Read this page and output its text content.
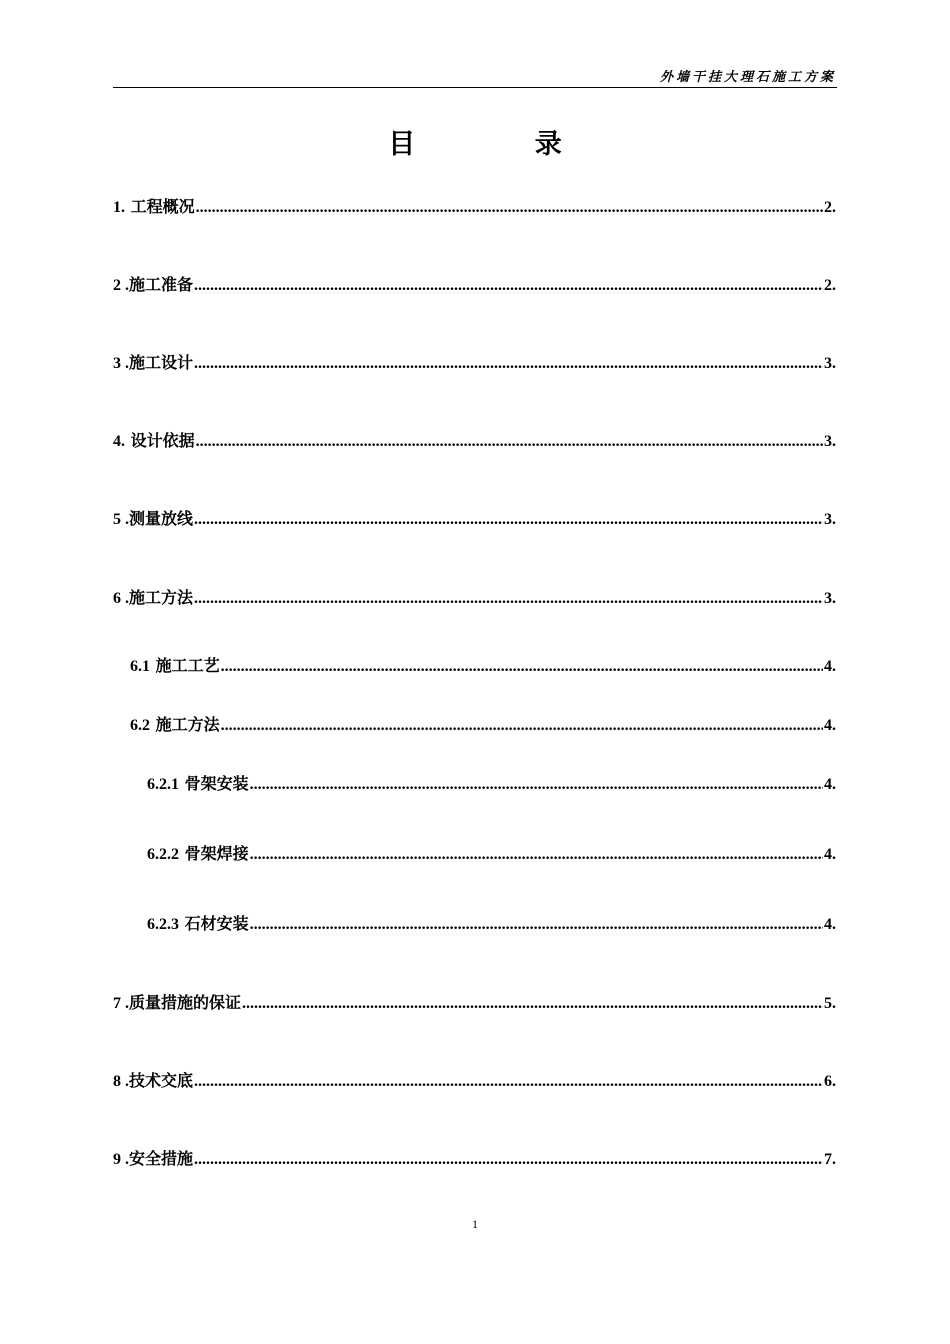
外墙干挂大理石施工方案
目 录
1. 工程概况 .....	2.
2 .施工准备 .....	2.
3 .施工设计 .....	3.
4. 设计依据 .....	3.
5 .测量放线 .....	3.
6 .施工方法 .....	3.
6.1 施工工艺 .....	4.
6.2 施工方法 .....	4.
6.2.1 骨架安装 .....	4.
6.2.2 骨架焊接 .....	4.
6.2.3 石材安装 .....	4.
7 .质量措施的保证 .....	5.
8 .技术交底 .....	6.
9 .安全措施 .....	7.
1
